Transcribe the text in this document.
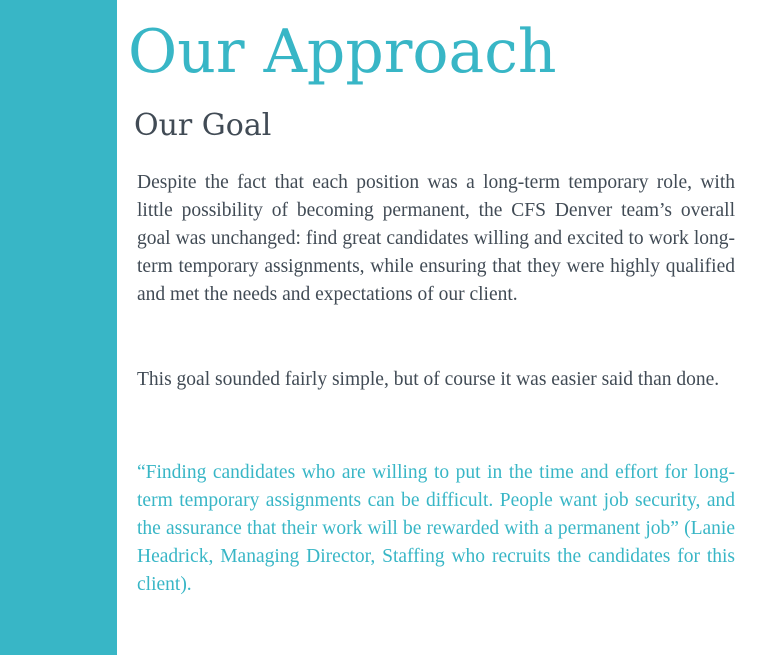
Our Approach
Our Goal

Despite the fact that each position was a long-term temporary role, with little possibility of becoming permanent, the CFS Denver team’s overall goal was unchanged: find great candidates willing and excited to work long-term temporary assignments, while ensuring that they were highly qualified and met the needs and expectations of our client.

This goal sounded fairly simple, but of course it was easier said than done.

“Finding candidates who are willing to put in the time and effort for long-term temporary assignments can be difficult. People want job security, and the assurance that their work will be rewarded with a permanent job” (Lanie Headrick, Managing Director, Staffing who recruits the candidates for this client).
